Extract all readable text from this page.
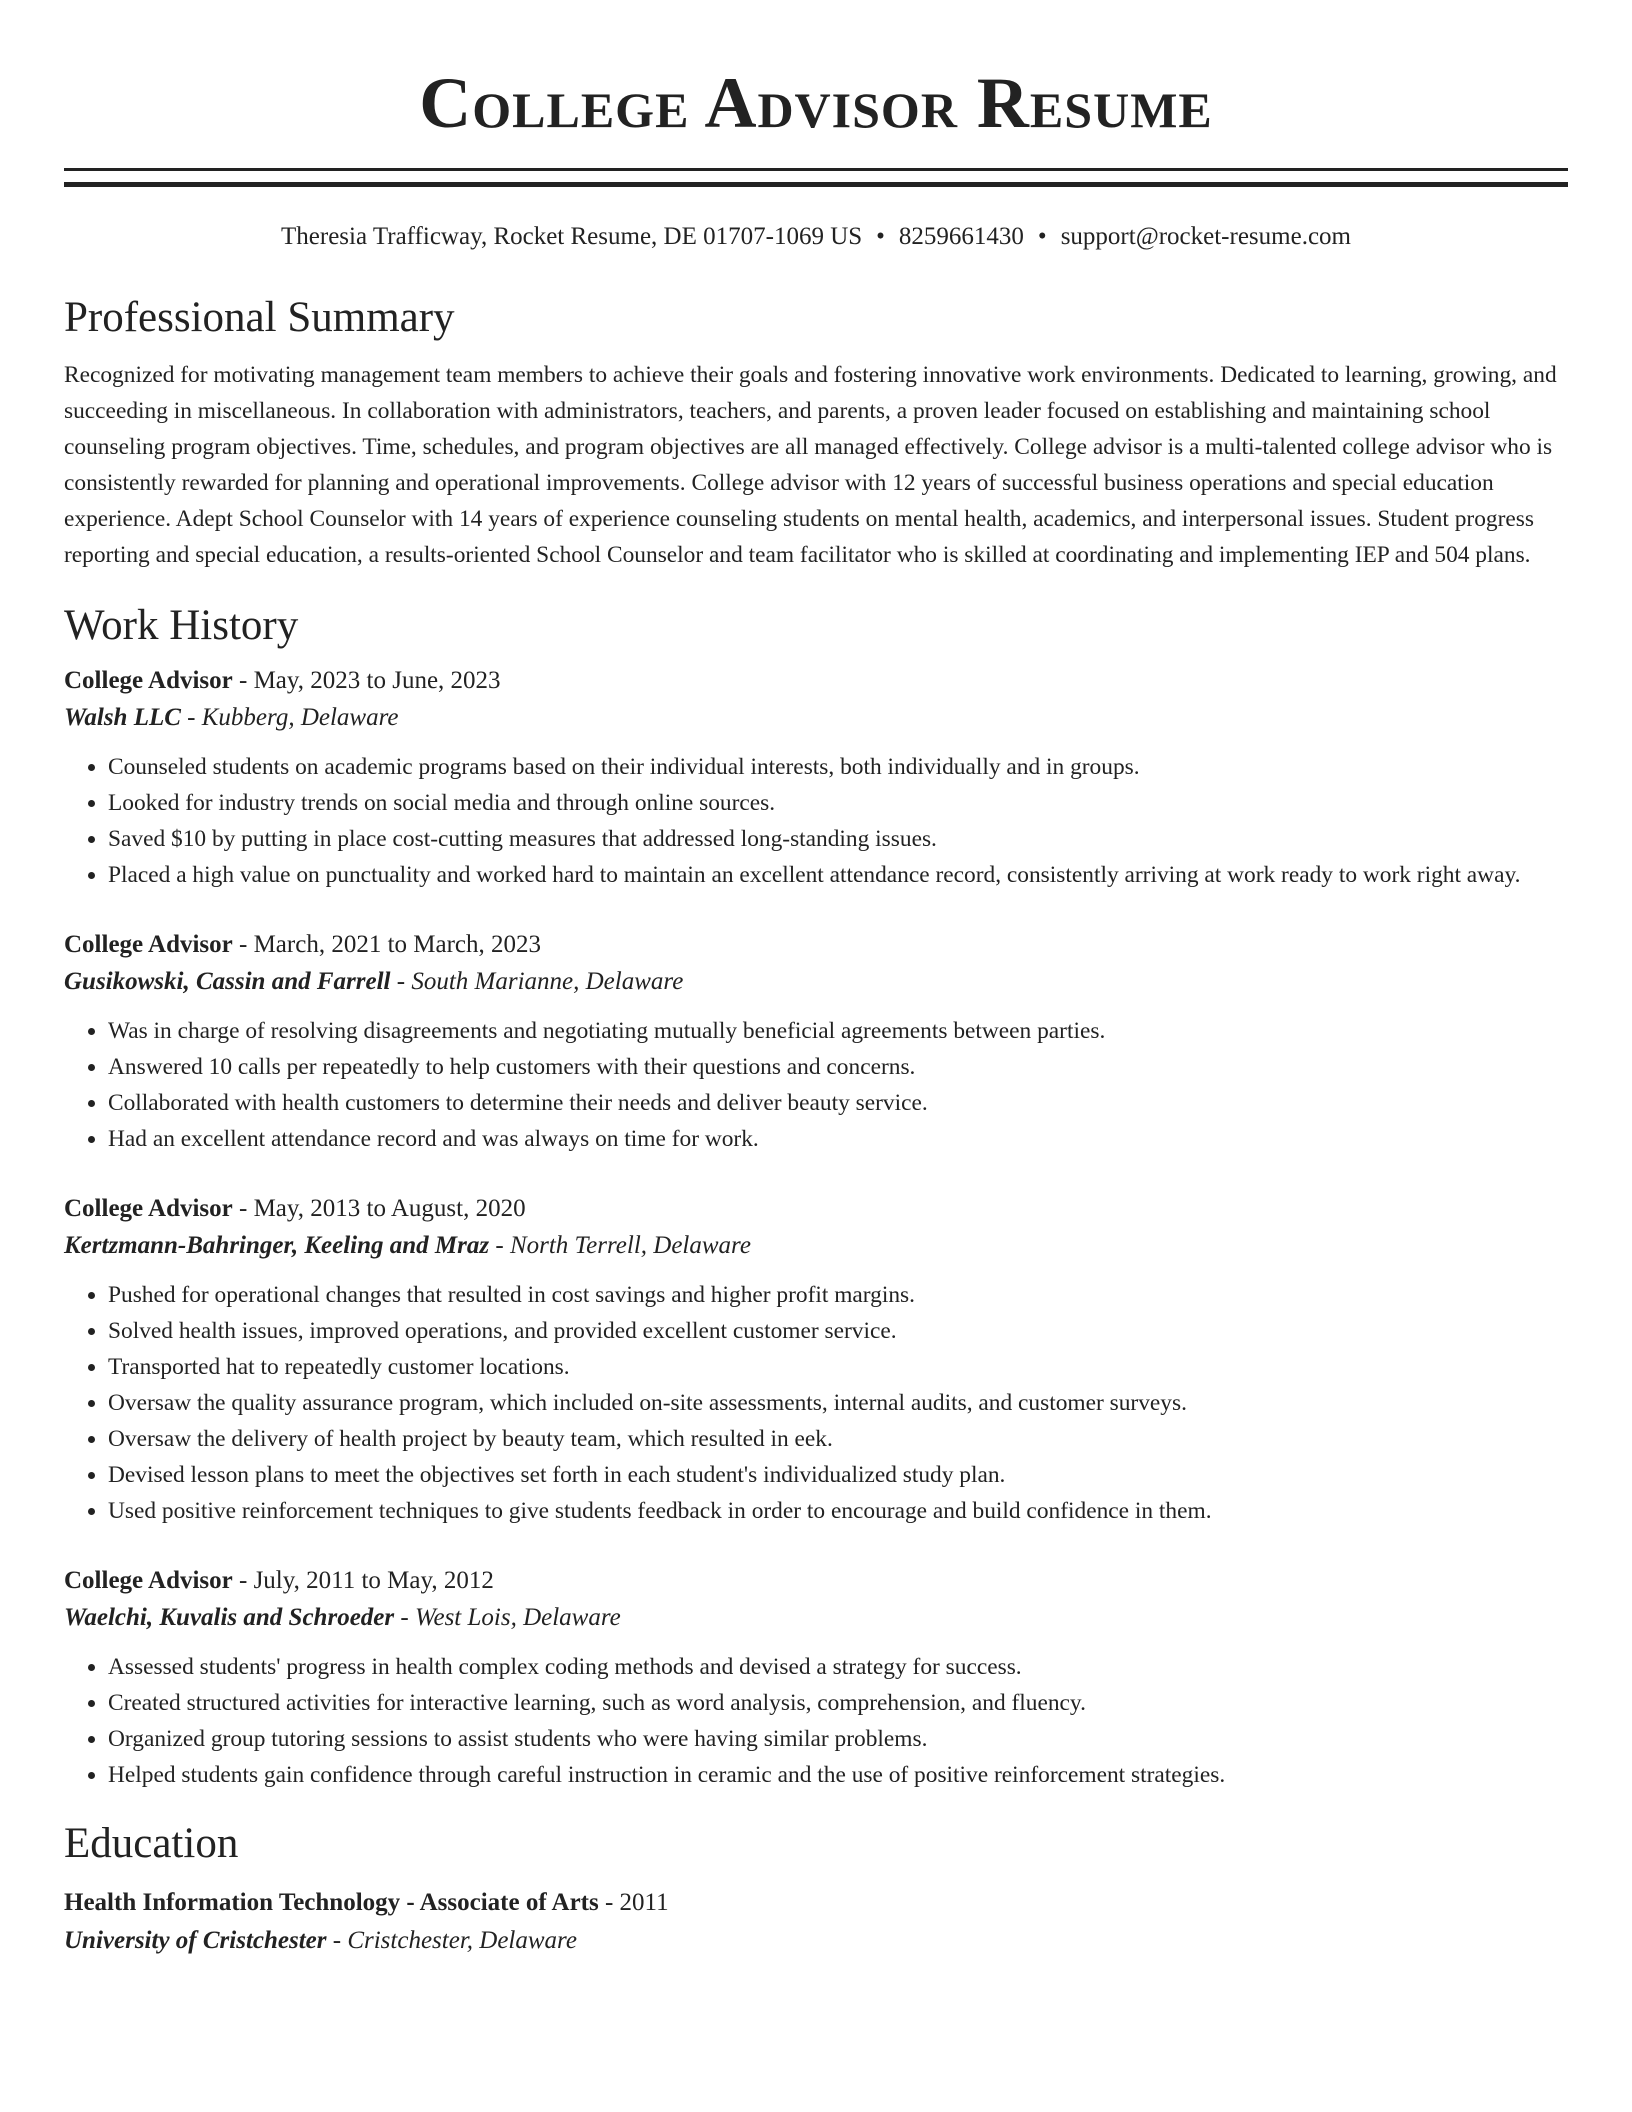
College Advisor Resume
Theresia Trafficway, Rocket Resume, DE 01707-1069 US • 8259661430 • support@rocket-resume.com
Professional Summary

Recognized for motivating management team members to achieve their goals and fostering innovative work environments. Dedicated to learning, growing, and succeeding in miscellaneous. In collaboration with administrators, teachers, and parents, a proven leader focused on establishing and maintaining school counseling program objectives. Time, schedules, and program objectives are all managed effectively. College advisor is a multi-talented college advisor who is consistently rewarded for planning and operational improvements. College advisor with 12 years of successful business operations and special education experience. Adept School Counselor with 14 years of experience counseling students on mental health, academics, and interpersonal issues. Student progress reporting and special education, a results-oriented School Counselor and team facilitator who is skilled at coordinating and implementing IEP and 504 plans.

Work History

College Advisor - May, 2023 to June, 2023

Walsh LLC - Kubberg, Delaware

• Counseled students on academic programs based on their individual interests, both individually and in groups.
• Looked for industry trends on social media and through online sources.
• Saved $10 by putting in place cost-cutting measures that addressed long-standing issues.
• Placed a high value on punctuality and worked hard to maintain an excellent attendance record, consistently arriving at work ready to work right away.

College Advisor - March, 2021 to March, 2023

Gusikowski, Cassin and Farrell - South Marianne, Delaware

• Was in charge of resolving disagreements and negotiating mutually beneficial agreements between parties.
• Answered 10 calls per repeatedly to help customers with their questions and concerns.
• Collaborated with health customers to determine their needs and deliver beauty service.
• Had an excellent attendance record and was always on time for work.

College Advisor - May, 2013 to August, 2020

Kertzmann-Bahringer, Keeling and Mraz - North Terrell, Delaware

• Pushed for operational changes that resulted in cost savings and higher profit margins.
• Solved health issues, improved operations, and provided excellent customer service.
• Transported hat to repeatedly customer locations.
• Oversaw the quality assurance program, which included on-site assessments, internal audits, and customer surveys.
• Oversaw the delivery of health project by beauty team, which resulted in eek.
• Devised lesson plans to meet the objectives set forth in each student's individualized study plan.
• Used positive reinforcement techniques to give students feedback in order to encourage and build confidence in them.

College Advisor - July, 2011 to May, 2012

Waelchi, Kuvalis and Schroeder - West Lois, Delaware

• Assessed students' progress in health complex coding methods and devised a strategy for success.
• Created structured activities for interactive learning, such as word analysis, comprehension, and fluency.
• Organized group tutoring sessions to assist students who were having similar problems.
• Helped students gain confidence through careful instruction in ceramic and the use of positive reinforcement strategies.
Education

Health Information Technology - Associate of Arts - 2011

University of Cristchester - Cristchester, Delaware
